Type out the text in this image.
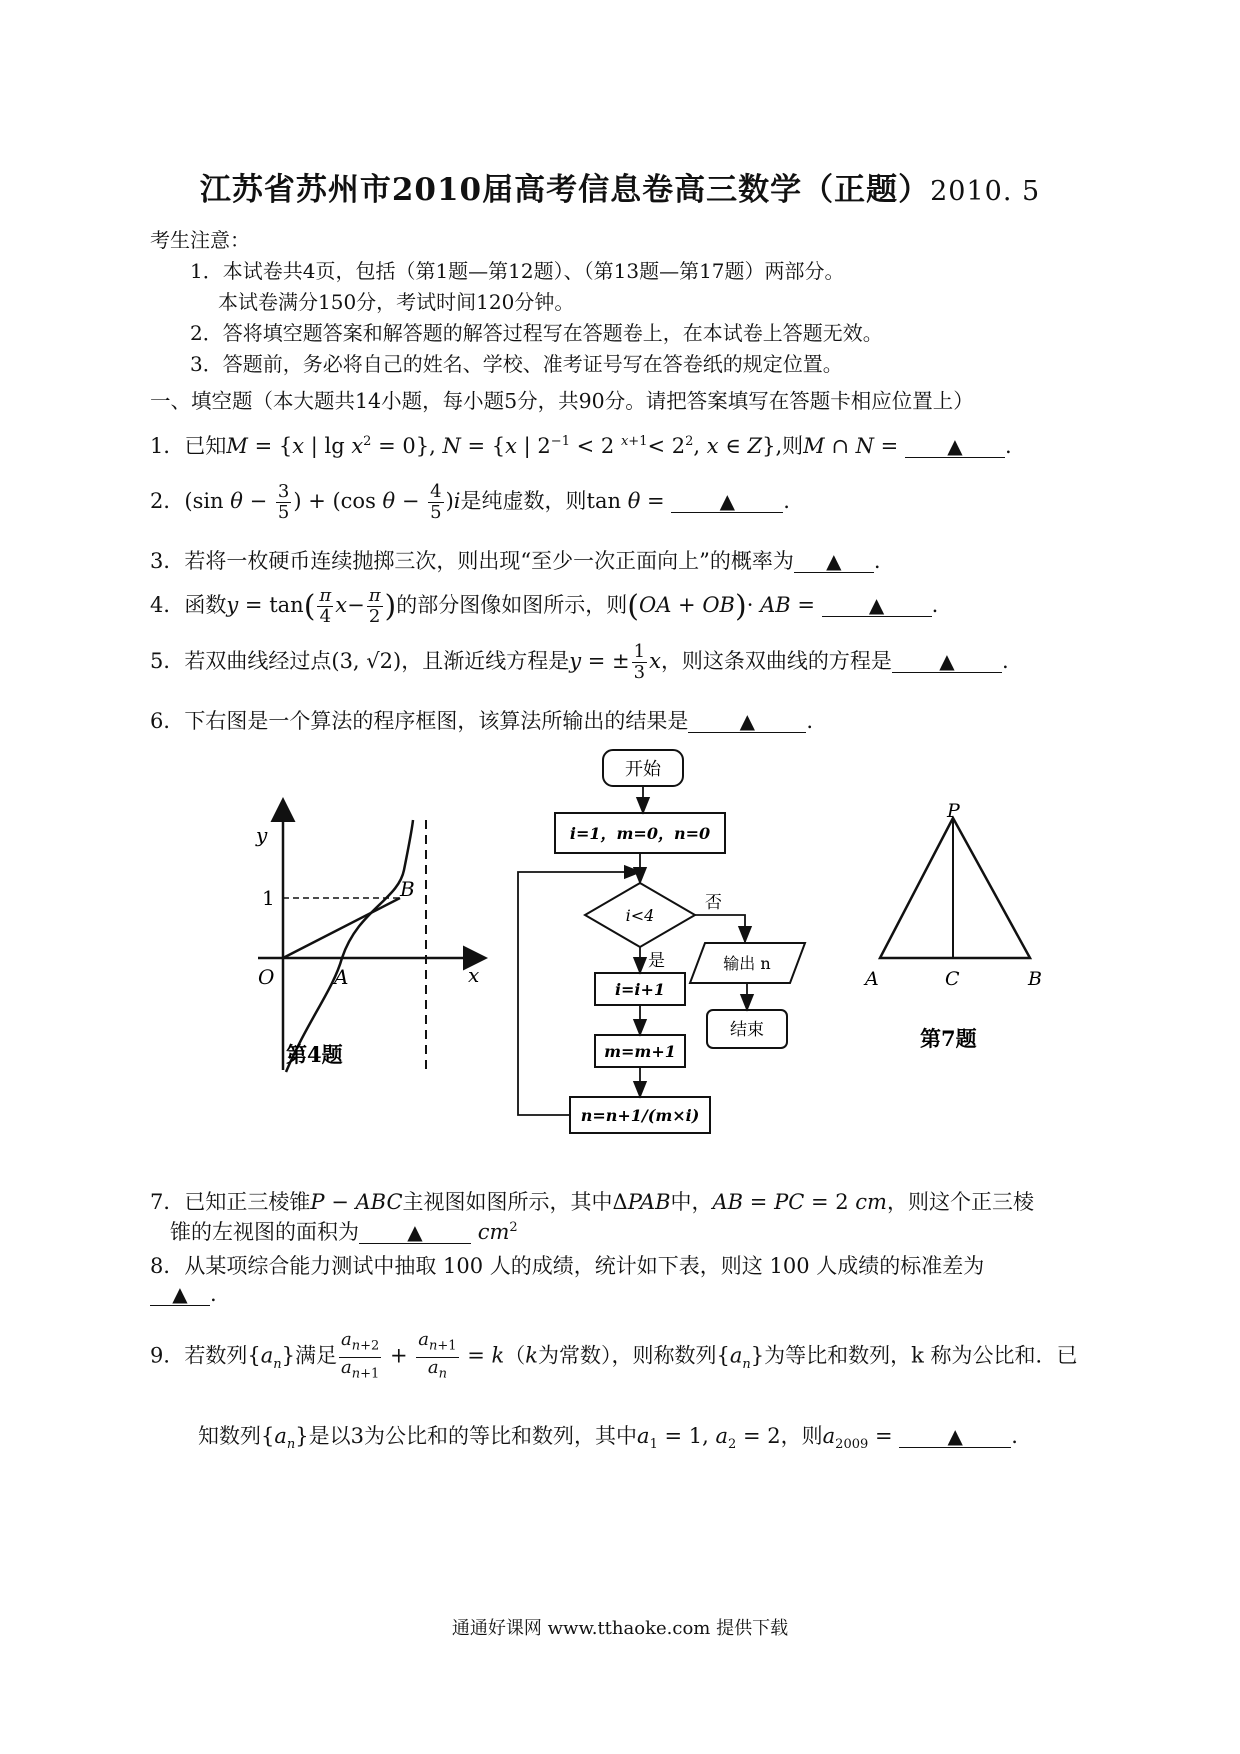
江苏省苏州市2010届高考信息卷高三数学（正题）2010. 5
考生注意：
1．本试卷共4页，包括（第1题—第12题）、（第13题—第17题）两部分。
本试卷满分150分，考试时间120分钟。
2．答将填空题答案和解答题的解答过程写在答题卷上，在本试卷上答题无效。
3．答题前，务必将自己的姓名、学校、准考证号写在答卷纸的规定位置。
一、填空题（本大题共14小题，每小题5分，共90分。请把答案填写在答题卡相应位置上）
1．已知M = {x | $\lg x^2 = 0$}, N = {x | $2^{-1} < 2$ $^{x+1}< 2^2$, x ∈ Z},则M ∩ N = ▲ .
2．(sin $\theta - \frac{3}{5}$ ) + (cos $\theta - \frac{4}{5} )i$是纯虚数，则tan θ = ▲ .
3．若将一枚硬币连续抛掷三次，则出现“至少一次正面向上”的概率为 ▲ .
4．函数$y = \tan( \frac{\pi}{4} x- \frac{\pi}{2}$ )的部分图像如图所示，则(OA + OB)· AB = ▲ .
5．若双曲线经过点(3, √2)，且渐近线方程是y = ± $\frac{1}{3}$ x，则这条双曲线的方程是 ▲ .
6．下右图是一个算法的程序框图，该算法所输出的结果是	▲ .
y
x
O
1
A
B
第4题
开始
i=1，m=0，n=0
i<4
否
输出 n
结束
是
i=i+1
m=m+1
n=n+1/(m×i)
P
A	C	B
第7题
7．已知正三棱锥P − ABC主视图如图所示，其中ΔPAB中，AB = PC = 2 cm，则这个正三棱
锥的左视图的面积为 ▲	$cm^2$
8．从某项综合能力测试中抽取 100 人的成绩，统计如下表，则这 100 人成绩的标准差为
▲ .
9．若数列$\{a_n\}$满足 $\frac{a_{n+2}}{a_{n+1}} + \frac{a_{n+1}}{a_n} = k(k$为常数），则称数列$\{a_n\}$为等比和数列，k 称为公比和．已
知数列$\{a_n\}$是以3为公比和的等比和数列，其中$a_1 = 1$, $a_2 = 2$，则$a_{2009}$ = ▲ .
通通好课网 www.tthaoke.com 提供下载
